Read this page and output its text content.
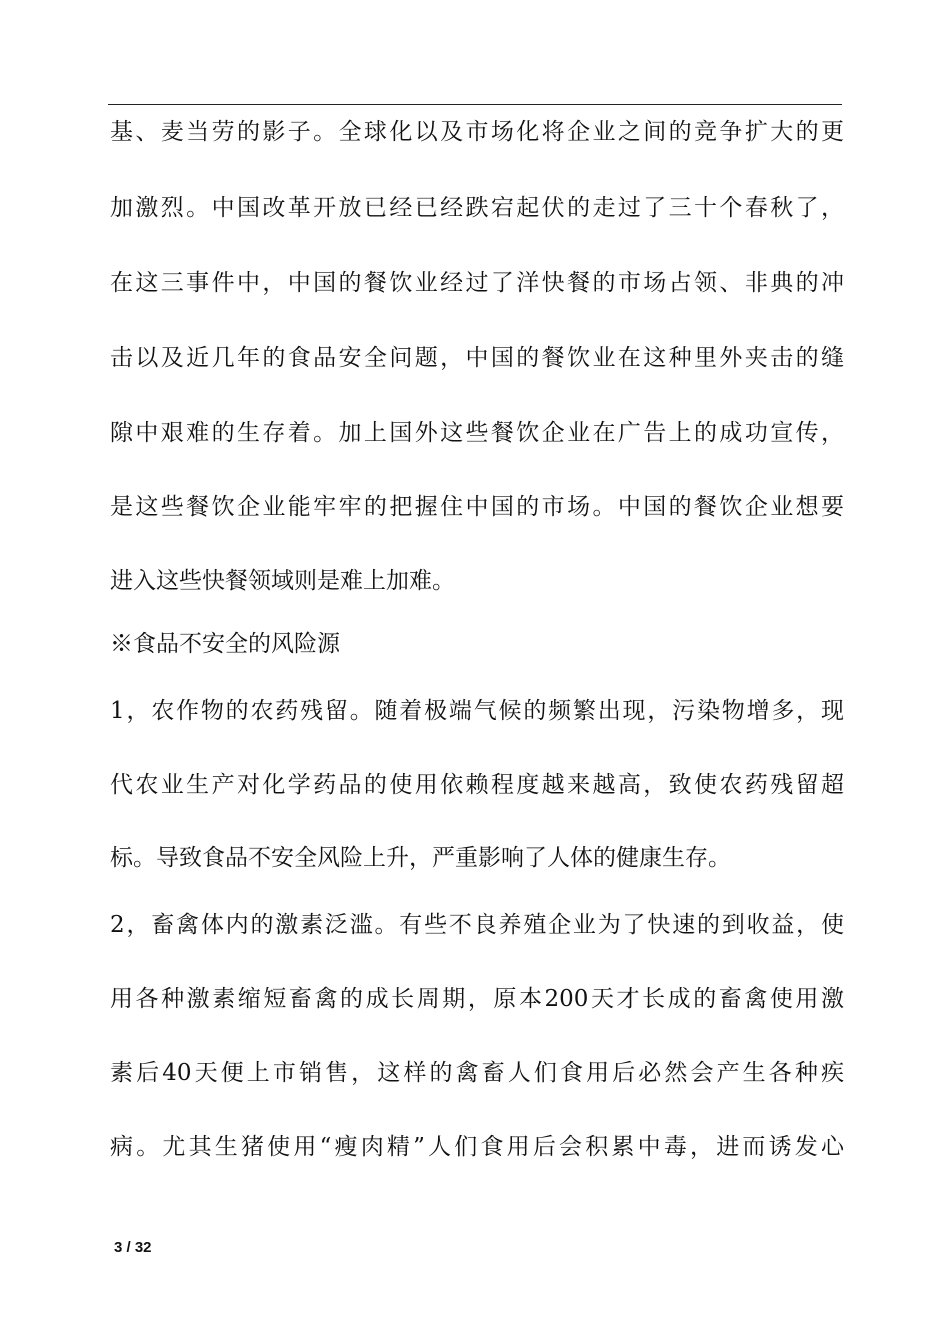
基、麦当劳的影子。全球化以及市场化将企业之间的竞争扩大的更
加激烈。中国改革开放已经已经跌宕起伏的走过了三十个春秋了，
在这三事件中，中国的餐饮业经过了洋快餐的市场占领、非典的冲
击以及近几年的食品安全问题，中国的餐饮业在这种里外夹击的缝
隙中艰难的生存着。加上国外这些餐饮企业在广告上的成功宣传，
是这些餐饮企业能牢牢的把握住中国的市场。中国的餐饮企业想要
进入这些快餐领域则是难上加难。
※食品不安全的风险源
1，农作物的农药残留。随着极端气候的频繁出现，污染物增多，现
代农业生产对化学药品的使用依赖程度越来越高，致使农药残留超
标。导致食品不安全风险上升，严重影响了人体的健康生存。
2，畜禽体内的激素泛滥。有些不良养殖企业为了快速的到收益，使
用各种激素缩短畜禽的成长周期，原本200天才长成的畜禽使用激
素后40天便上市销售，这样的禽畜人们食用后必然会产生各种疾
病。尤其生猪使用“瘦肉精”人们食用后会积累中毒，进而诱发心
3 / 32
